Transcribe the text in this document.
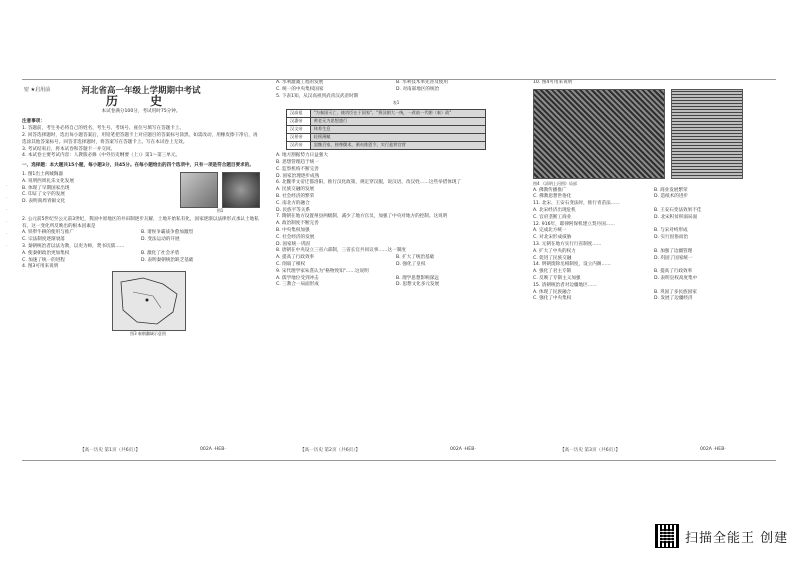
密 ★启用前
·
·
·
·
·
·
河北省高一年级上学期期中考试
历 史
本试卷满分100分，考试用时75分钟。
注意事项：
1. 答题前，考生务必将自己的姓名、考生号、考场号、座位号填写在答题卡上。
2. 回答选择题时，选出每小题答案后，用铅笔把答题卡上对应题目的答案标号涂黑。如需改动，用橡皮擦干净后，再选涂其他答案标号。回答非选择题时，将答案写在答题卡上。写在本试卷上无效。
3. 考试结束后，将本试卷和答题卡一并交回。
4. 本试卷主要考试内容：人教版必修《中外历史纲要（上）》第1～第三单元。
一、选择题：本大题共15小题，每小题3分，共45分。在每小题给出的四个选项中，只有一项是符合题目要求的。
1. 图1出土两城陶器
A. 说明西周礼乐文化发展
B. 体现了早期国家出现
C. 印证了文字的发展
D. 表明商周青铜文化
图1
2. 公元前5世纪至公元前3世纪，我国中原地区的井田制逐步瓦解，土地开始私有化，国家逐渐以法律形式承认土地私有。这一变化所反映出的根本因素是
A. 铁犁牛耕的使用与推广	B. 诸侯争霸战争愈加激烈
C. 宗法制度逐渐衰落	D. 变法运动的开展
3. 秦朝统治者以法为教，以吏为师，焚书坑儒……
A. 使秦朝政治更加集权	B. 激化了社会矛盾
C. 加速了统一的进程	D. 表明秦朝统治缺乏基础
4. 图3可用来说明
图3 秦朝疆域示意图
A. 水利灌溉工程的发展	B. 水利技术率先普及使用
C. 统一的中央集权国家	D. 对南部地区的统治
5. 下表1知，从汉高祖到武帝汉武帝时期
表1
汉高祖	"为秦国灭亡，使功臣在于国家"，"将汉朝大一统，一改前一代朝（秦）政"
汉惠帝	黄老无为思想盛行
汉文帝	休养生息
汉景帝	轻徭薄赋
汉武帝	罢黜百家，独尊儒术，颁布推恩令，实行盐铁官营
A. 地方割据势力日益强大
B. 思想管理趋于统一
C. 监察机构不断完善
D. 国家治理逐步成熟
6. 北魏孝文帝迁都洛阳，推行汉化政策，规定穿汉服，说汉语，改汉姓……这些举措体现了
A. 民族交融的发展
B. 社会经济的繁荣
C. 南北方的融合
D. 民族平等关系
7. 隋朝在地方设置州县两级制，减少了地方官员，加强了中央对地方的控制。这说明
A. 政治制度不断完善
B. 中央集权加强
C. 社会经济的发展
D. 国家统一巩固
8. 唐朝在中央设立三省六部制，三省长官共同议事……这一制度
A. 提高了行政效率	B. 扩大了统治基础
C. 削弱了相权	D. 强化了皇权
9. 宋代理学家朱熹认为"格物致知"……这说明
A. 儒学地位受到冲击	B. 理学思想影响深远
C. 三教合一局面形成	D. 思想文化多元发展
10. 图4可用来说明
图4 《清明上河图》局部
A. 佛教传播推广	B. 商业发展繁荣
C. 佛教思想世俗化	D. 造纸术的进步
11. 北宋、王安石变法时，推行青苗法……
A. 北宋经济出现危机	B. 王安石变法效果不佳
C. 官府垄断工商业	D. 北宋积贫积弱局面
12. 916年，耶律阿保机建立契丹国……
A. 完成北方统一	B. 与宋对峙形成
C. 对北宋形成威胁	D. 实行因俗而治
13. 元朝在地方实行行省制度……
A. 扩大了中央的权力	B. 加强了边疆管理
C. 促进了民族交融	D. 巩固了国家统一
14. 明朝废除丞相制度，设立内阁……
A. 强化了君主专制	B. 提高了行政效率
C. 反映了专制主义加强	D. 表明皇权高度集中
15. 清朝统治者对边疆地区……
A. 体现了民族融合	B. 巩固了多民族国家
C. 强化了中央集权	D. 发展了边疆经济
【高一历史 第1页（共6页）】	002A ·HEB·	【高一历史 第2页（共6页）】	002A ·HEB·	【高一历史 第3页（共6页）】	002A ·HEB·
扫描全能王 创建
